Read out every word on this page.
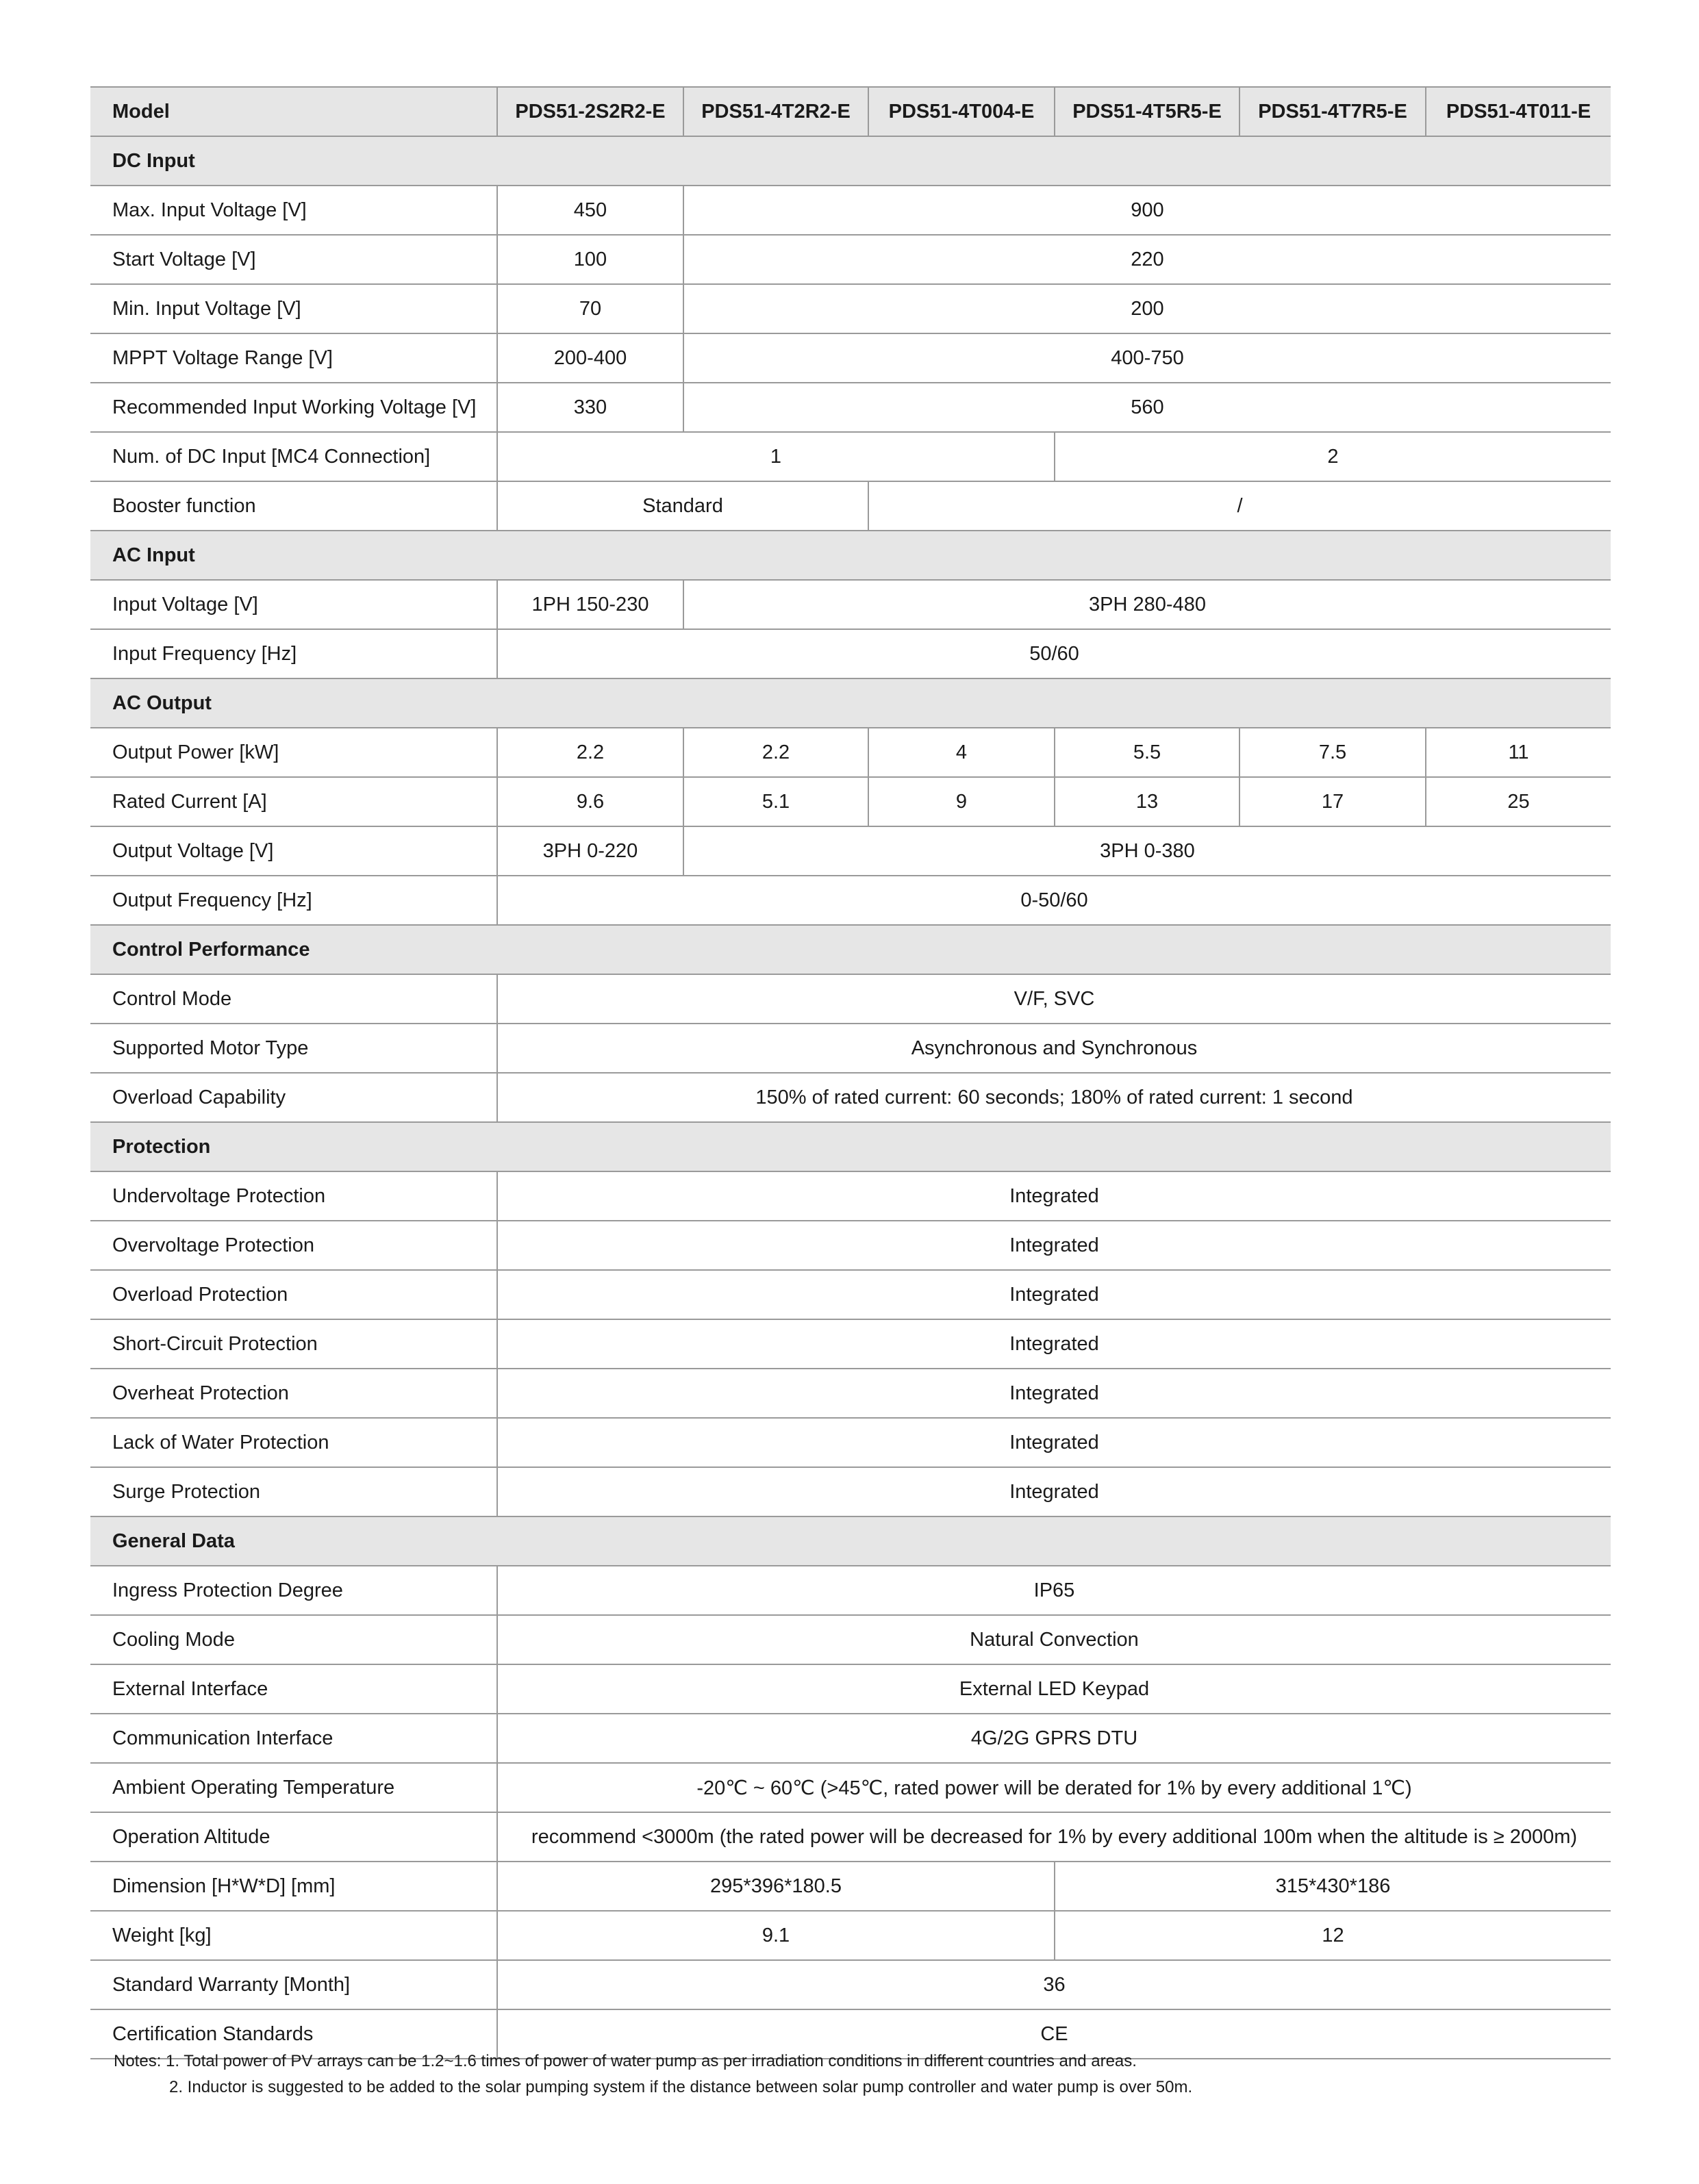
Model	PDS51-2S2R2-E	PDS51-4T2R2-E	PDS51-4T004-E	PDS51-4T5R5-E	PDS51-4T7R5-E	PDS51-4T011-E
DC Input						
Max. Input Voltage [V]	450	900				
Start Voltage [V]	100	220				
Min. Input Voltage [V]	70	200				
MPPT Voltage Range [V]	200-400	400-750				
Recommended Input Working Voltage [V]	330	560				
Num. of DC Input [MC4 Connection]	1			2		
Booster function	Standard		/			
AC Input						
Input Voltage [V]	1PH 150-230	3PH 280-480				
Input Frequency [Hz]	50/60					
AC Output						
Output Power [kW]	2.2	2.2	4	5.5	7.5	11
Rated Current [A]	9.6	5.1	9	13	17	25
Output Voltage [V]	3PH 0-220	3PH 0-380				
Output Frequency [Hz]	0-50/60					
Control Performance						
Control Mode	V/F, SVC					
Supported Motor Type	Asynchronous and Synchronous					
Overload Capability	150% of rated current: 60 seconds; 180% of rated current: 1 second					
Protection						
Undervoltage Protection	Integrated					
Overvoltage Protection	Integrated					
Overload Protection	Integrated					
Short-Circuit Protection	Integrated					
Overheat Protection	Integrated					
Lack of Water Protection	Integrated					
Surge Protection	Integrated					
General Data						
Ingress Protection Degree	IP65					
Cooling Mode	Natural Convection					
External Interface	External LED Keypad					
Communication Interface	4G/2G GPRS DTU					
Ambient Operating Temperature	-20℃ ~ 60℃ (>45℃, rated power will be derated for 1% by every additional 1℃)					
Operation Altitude	recommend <3000m (the rated power will be decreased for 1% by every additional 100m when the altitude is ≥ 2000m)					
Dimension [H*W*D] [mm]	295*396*180.5			315*430*186		
Weight [kg]	9.1			12		
Standard Warranty [Month]	36					
Certification Standards	CE					
Notes: 1. Total power of PV arrays can be 1.2~1.6 times of power of water pump as per irradiation conditions in different countries and areas.
2. Inductor is suggested to be added to the solar pumping system if the distance between solar pump controller and water pump is over 50m.
